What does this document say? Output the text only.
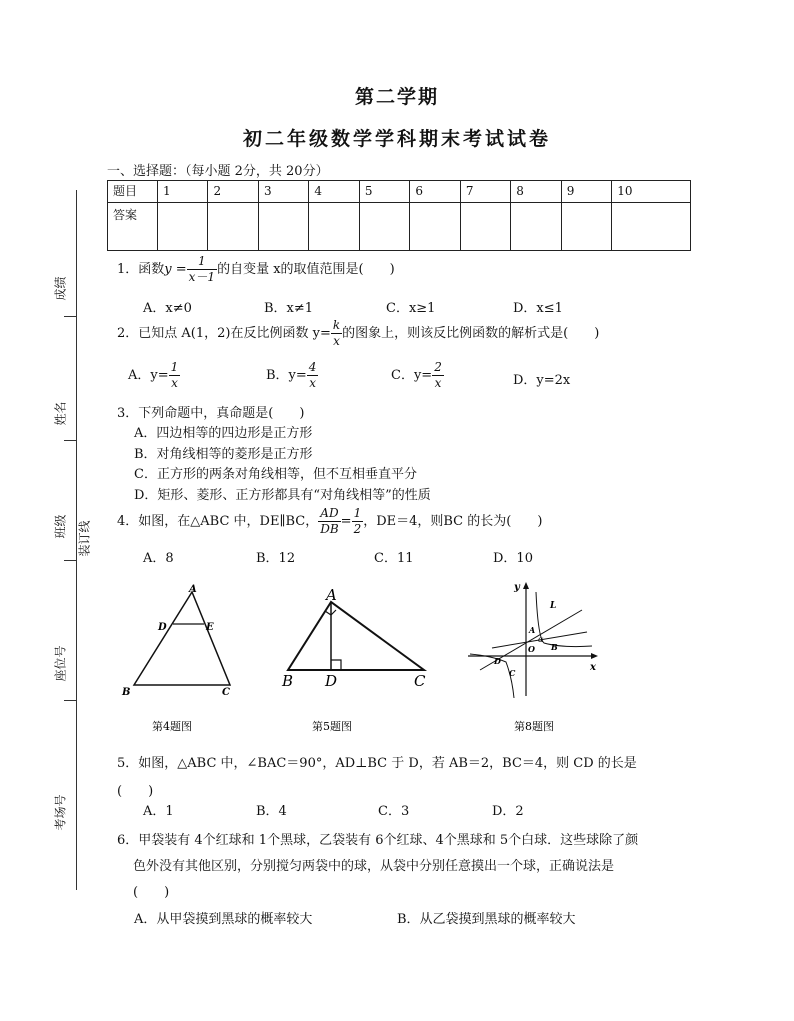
第二学期
初二年级数学学科期末考试试卷
成绩
姓名
班级 装订线
座位号
考场号
一、选择题：（每小题 2分，共 20分）
题目	1	2	3	4	5	6	7	8	9	10
答案										
1．函数$y = \frac{1}{x-1}$ 的自变量 x的取值范围是(　　)
A．x≠0	B．x≠1	C．x≥1	D．x≤1
2．已知点 A(1，2)在反比例函数 $y= \frac{k}{x}$ 的图象上，则该反比例函数的解析式是(　　)
A．$y= \frac{1}{x}$	B．$y= \frac{4}{x}$	C．$y= \frac{2}{x}$	D．y=2x
3．下列命题中，真命题是(　　)
A．四边相等的四边形是正方形
B．对角线相等的菱形是正方形
C．正方形的两条对角线相等，但不互相垂直平分
D．矩形、菱形、正方形都具有“对角线相等”的性质
4．如图，在△ABC 中，DE∥BC， $\frac{AD}{DB} = \frac{1}{2}$ ，DE＝4，则BC 的长为(　　)
A．8	B．12	C．11	D．10
A
D	E
B	C
第4题图
A
B D	C
第5题图
y
L
A
α
B
O
x
D
C
第8题图
5．如图，△ABC 中，∠BAC＝90°，AD⊥BC 于 D，若 AB＝2，BC＝4，则 CD 的长是
(　　)
A．1	B．4	C．3	D．2
6．甲袋装有 4个红球和 1个黑球，乙袋装有 6个红球、4个黑球和 5个白球．这些球除了颜
色外没有其他区别，分别搅匀两袋中的球，从袋中分别任意摸出一个球，正确说法是
(　　)
A．从甲袋摸到黑球的概率较大	B．从乙袋摸到黑球的概率较大
